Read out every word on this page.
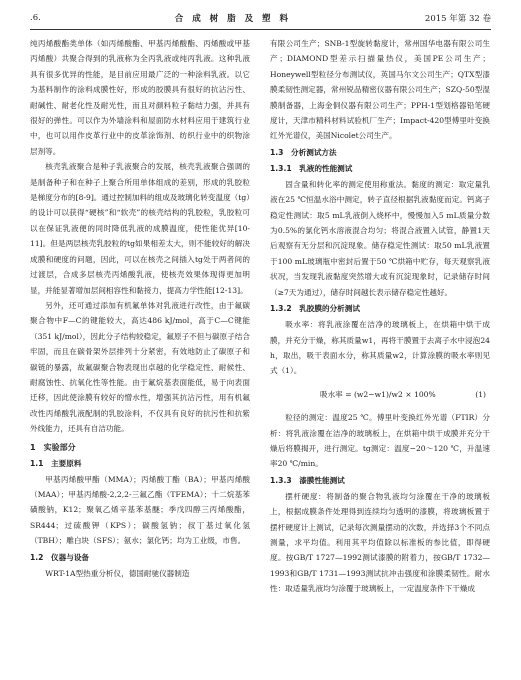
.6.	合 成 树 脂 及 塑 料	2015 年第 32 卷

纯丙烯酸酯类单体（如丙烯酸酯、甲基丙烯酸酯、丙烯酸或甲基丙烯酸）共聚合得到的乳液称为全丙乳液或纯丙乳液。这种乳液具有很多优异的性能，是目前应用最广泛的一种涂料乳液。以它为基料制作的涂料成膜性好，形成的胶膜具有很好的抗沾污性、耐碱性、耐老化性及耐光性，而且对颜料粒子黏结力强，并具有很好的弹性。可以作为外墙涂料和屋面防水材料应用于建筑行业中，也可以用作皮革行业中的皮革涂饰剂、纺织行业中的织物涂层剂等。

核壳乳液聚合是种子乳液聚合的发展，核壳乳液聚合强调的是制备种子和在种子上聚合所用单体组成的差别，形成的乳胶粒是梯度分布的[8-9]。通过控制加料的组成及玻璃化转变温度（tg）的设计可以获得“硬核”和“软壳”的核壳结构的乳胶粒，乳胶粒可以在保证乳液便的同时降低乳液的成膜温度，使性能优异[10-11]。但是两层核壳乳胶粒的tg如果相差太大，则不能较好的解决成膜和硬度的问题，因此，可以在核壳之间插入tg处于两者间的过渡层，合成多层核壳丙烯酸乳液，使核壳效果体现得更加明显，并能显著增加层间相容性和黏接力，提高力学性能[12-13]。

另外，还可通过添加有机氟单体对乳液进行改性，由于氟碳聚合物中F—C的键能较大，高达486 kJ/mol，高于C—C键能（351 kJ/mol），因此分子结构较稳定，氟原子不但与碳原子结合牢固，而且在碳骨架外层排列十分紧密，有效地防止了碳原子和碳链的暴露，故氟碳聚合物表现出卓越的化学稳定性、耐候性、耐腐蚀性、抗氧化性等性能。由于氟烷基表面能低，易于向表面迁移，因此使涂膜有较好的憎水性，增强其抗沾污性，用有机氟改性丙烯酸乳液配制的乳胶涂料，不仅具有良好的抗污性和抗紫外线能力，还具有自洁功能。

1　实验部分
1.1　主要原料

甲基丙烯酸甲酯（MMA）；丙烯酸丁酯（BA）；甲基丙烯酸（MAA）；甲基丙烯酸-2,2,2-三氟乙酯（TFEMA）；十二烷基苯磺酸钠，K12；聚氧乙烯辛基苯基醚；季戊四醇三丙烯酸酯，SR444；过硫酸钾（KPS）；碳酸氢钠；叔丁基过氧化氢（TBH）；雕白块（SFS）；氨水；氯化钙；均为工业级，市售。

1.2　仪器与设备

WRT-1A型热重分析仪，德国耐驰仪器制造

有限公司生产；SNB-1型旋转黏度计，常州国华电器有限公司生产；DIAMOND型差示扫描量热仪，美国PE公司生产；Honeywell型粒径分布测试仪，英国马尔文公司生产；QTX型漆膜柔韧性测定器，常州锐品精密仪器有限公司生产；SZQ-50型湿膜制备器，上海金侗仪器有限公司生产；PPH-1型划格器铅笔硬度计，天津市精科材料试验机厂生产；Impact-420型傅里叶变换红外光谱仪，美国Nicolet公司生产。

1.3　分析测试方法
1.3.1　乳液的性能测试

固含量和转化率的测定使用称重法。黏度的测定：取定量乳液在25 ℃恒温水浴中测定，转子直径根据乳液黏度而定。钙离子稳定性测试：取5 mL乳液倒入烧杯中，慢慢加入5 mL质量分数为0.5%的氯化钙水溶液混合均匀；将混合液置入试管，静置1天后观察有无分层和沉淀现象。储存稳定性测试：取50 mL乳液置于100 mL玻璃瓶中密封后置于50 ℃烘箱中贮存，每天观察乳液状况，当发现乳液黏度突然增大或有沉淀现象时，记录储存时间（≥7天为通过），储存时间越长表示储存稳定性越好。

1.3.2　乳胶膜的分析测试

吸水率：将乳液涂覆在洁净的玻璃板上，在烘箱中烘干成膜，并充分干燥，称其质量w1，再将干膜置于去离子水中浸泡24 h，取出，吸干表面水分，称其质量w2，计算涂膜的吸水率则见式（1）。

吸水率 = (w2−w1)/w2 × 100%	(1)

粒径的测定：温度25 ℃。傅里叶变换红外光谱（FTIR）分析：将乳液涂覆在洁净的玻璃板上，在烘箱中烘干成膜并充分干燥后将膜揭开，进行测定。tg测定：温度−20～120 ℃，升温速率20 ℃/min。

1.3.3　漆膜性能测试

摆杆硬度：将制备的聚合物乳液均匀涂覆在干净的玻璃板上，根据成膜条件处理得到连续均匀透明的漆膜，将玻璃板置于摆杆硬度计上测试，记录每次测量摆动的次数，并选择3个不同点测量，求平均值。利用其平均值除以标准板的参比值，即得硬度。按GB/T 1727—1992测试漆膜的附着力，按GB/T 1732—1993和GB/T 1731—1993测试抗冲击强度和涂膜柔韧性。耐水性：取适量乳液均匀涂覆于玻璃板上，一定温度条件下干燥成
